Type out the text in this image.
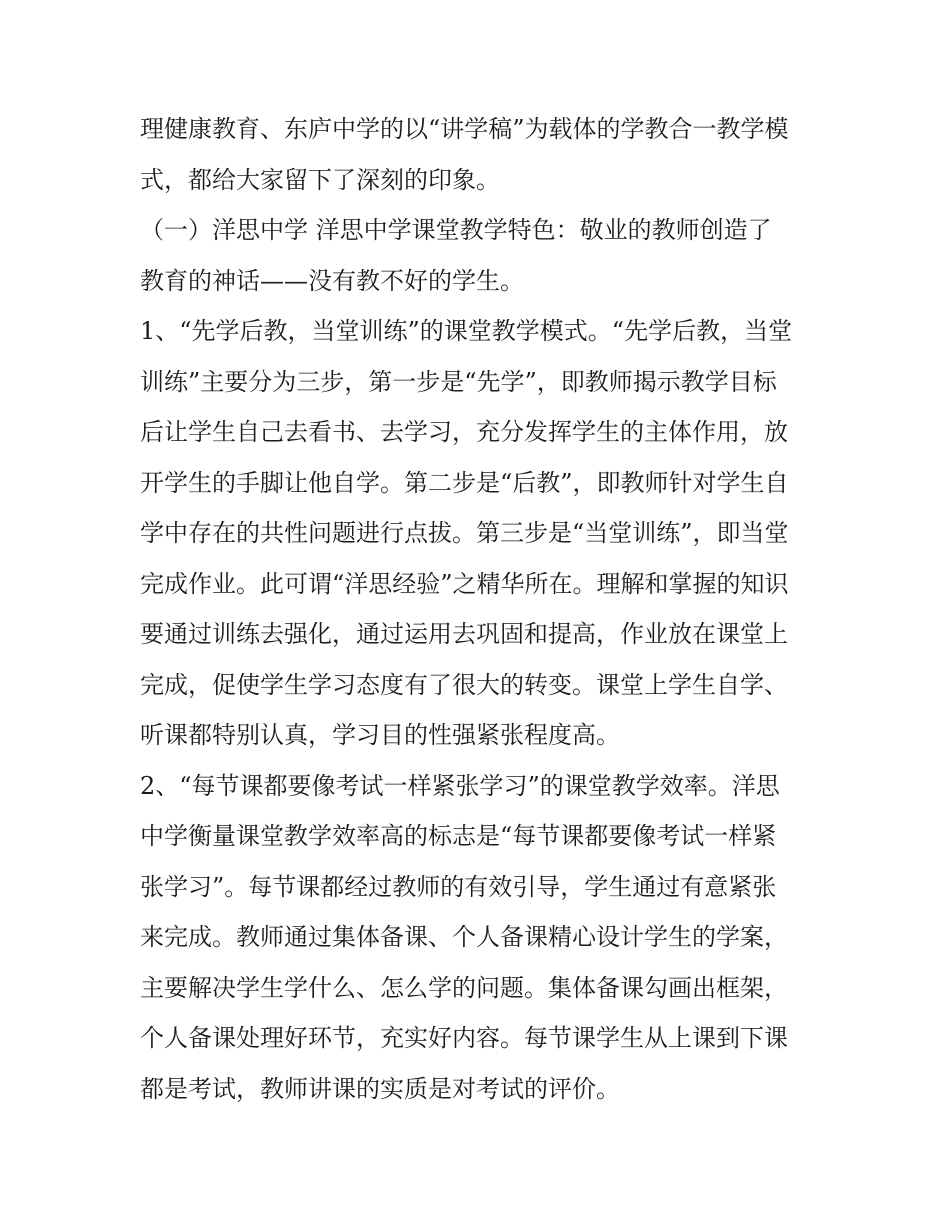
理健康教育、东庐中学的以“讲学稿”为载体的学教合一教学模
式，都给大家留下了深刻的印象。
（一）洋思中学 洋思中学课堂教学特色：敬业的教师创造了
教育的神话——没有教不好的学生。
1、“先学后教，当堂训练”的课堂教学模式。“先学后教，当堂
训练”主要分为三步，第一步是“先学”，即教师揭示教学目标
后让学生自己去看书、去学习，充分发挥学生的主体作用，放
开学生的手脚让他自学。第二步是“后教”，即教师针对学生自
学中存在的共性问题进行点拔。第三步是“当堂训练”，即当堂
完成作业。此可谓“洋思经验”之精华所在。理解和掌握的知识
要通过训练去强化，通过运用去巩固和提高，作业放在课堂上
完成，促使学生学习态度有了很大的转变。课堂上学生自学、
听课都特别认真，学习目的性强紧张程度高。
2、“每节课都要像考试一样紧张学习”的课堂教学效率。洋思
中学衡量课堂教学效率高的标志是“每节课都要像考试一样紧
张学习”。每节课都经过教师的有效引导，学生通过有意紧张
来完成。教师通过集体备课、个人备课精心设计学生的学案，
主要解决学生学什么、怎么学的问题。集体备课勾画出框架，
个人备课处理好环节，充实好内容。每节课学生从上课到下课
都是考试，教师讲课的实质是对考试的评价。
